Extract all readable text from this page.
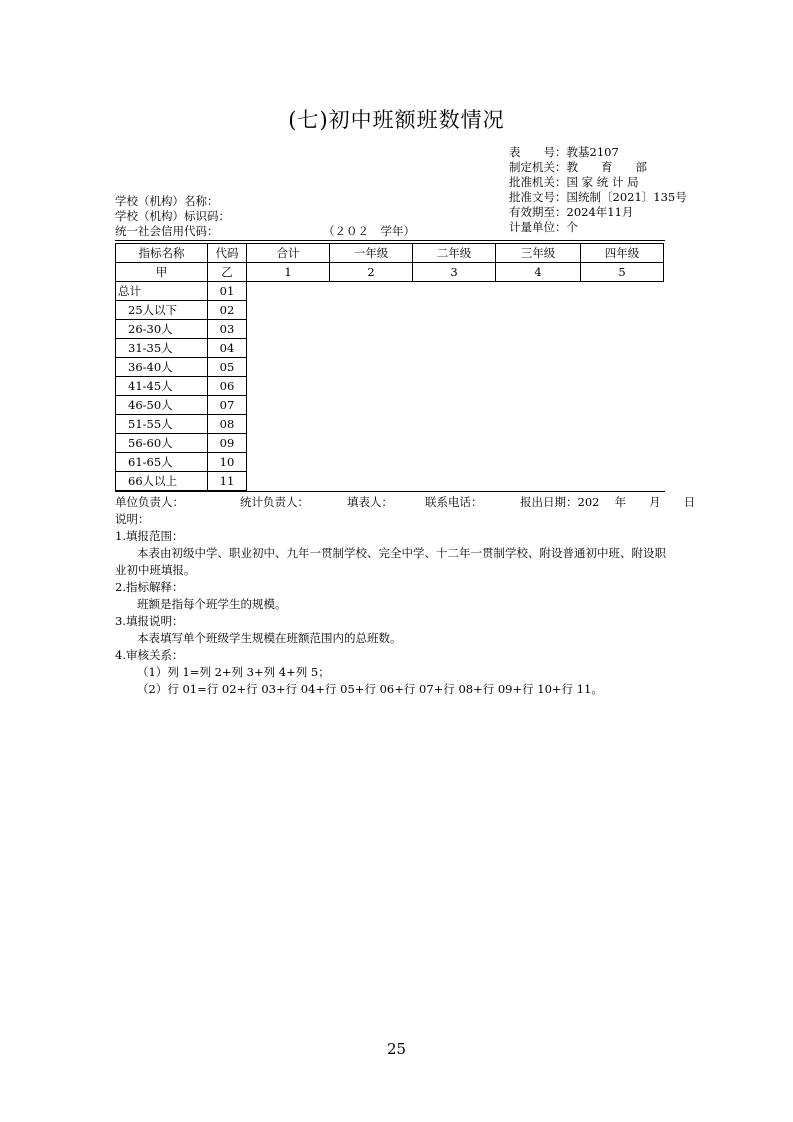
(七)初中班额班数情况
表　　号：教基2107
制定机关：教　　育　　部
批准机关：国 家 统 计 局
批准文号：国统制〔2021〕135号
有效期至：2024年11月
计量单位：个
学校（机构）名称：
学校（机构）标识码：
统一社会信用代码：	（２０２　学年）
指标名称	代码	合计	一年级	二年级	三年级	四年级
甲	乙	1	2	3	4	5
总计	01					
25人以下	02					
26-30人	03					
31-35人	04					
36-40人	05					
41-45人	06					
46-50人	07					
51-55人	08					
56-60人	09					
61-65人	10					
66人以上	11					
单位负责人：	统计负责人：	填表人：	联系电话：	报出日期：202　 年　　月　　日
说明：
1.填报范围：
本表由初级中学、职业初中、九年一贯制学校、完全中学、十二年一贯制学校、附设普通初中班、附设职
业初中班填报。
2.指标解释：
班额是指每个班学生的规模。
3.填报说明：
本表填写单个班级学生规模在班额范围内的总班数。
4.审核关系：
（1）列 1=列 2+列 3+列 4+列 5；
（2）行 01=行 02+行 03+行 04+行 05+行 06+行 07+行 08+行 09+行 10+行 11。
25
